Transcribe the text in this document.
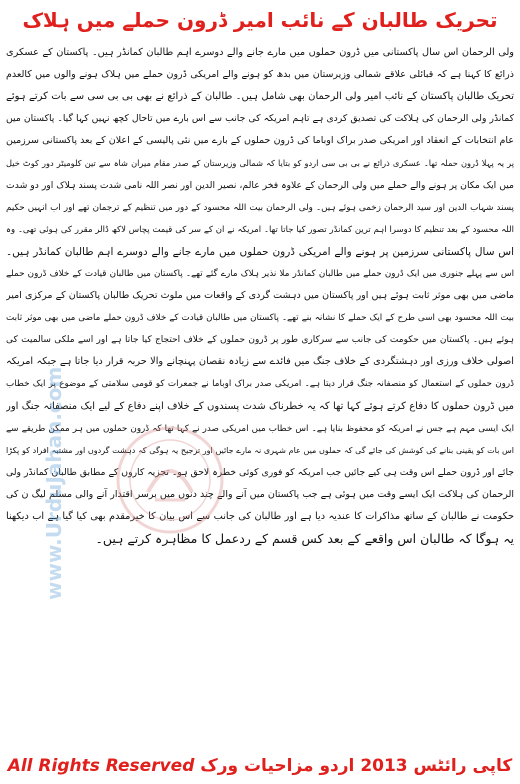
تحریک طالبان کے نائب امیر ڈرون حملے میں ہلاک
ولی الرحمان اس سال پاکستانی میں ڈرون حملوں میں مارے جانے والے دوسرے اہم طالبان کمانڈر ہیں۔ پاکستان کے عسکری
ذرائع کا کہنا ہے کہ قبائلی علاقے شمالی وزیرستان میں بدھ کو ہونے والے امریکی ڈرون حملے میں ہلاک ہونے والوں میں کالعدم
تحریک طالبان پاکستان کے نائب امیر ولی الرحمان بھی شامل ہیں۔ طالبان کے ذرائع نے بھی بی بی سی سے بات کرتے ہوئے
کمانڈر ولی الرحمان کی ہلاکت کی تصدیق کردی ہے تاہم امریکہ کی جانب سے اس بارے میں تاحال کچھ نہیں کہا گیا۔ پاکستان میں
عام انتخابات کے انعقاد اور امریکی صدر براک اوباما کی ڈرون حملوں کے بارے میں نئی پالیسی کے اعلان کے بعد پاکستانی سرزمین
پر یہ پہلا ڈرون حملہ تھا۔ عسکری ذرائع نے بی بی سی اردو کو بتایا کہ شمالی وزیرستان کے صدر مقام میران شاہ سے تین کلومیٹر دور کوٹ خیل
میں ایک مکان پر ہونے والے حملے میں ولی الرحمان کے علاوہ فخر عالم، نصیر الدین اور نصر اللہ نامی شدت پسند ہلاک اور دو شدت
پسند شہاب الدین اور سید الرحمان زخمی ہوئے ہیں۔ ولی الرحمان بیت اللہ محسود کے دور میں تنظیم کے ترجمان تھے اور اب انہیں حکیم
اللہ محسود کے بعد تنظیم کا دوسرا اہم ترین کمانڈر تصور کیا جاتا تھا۔ امریکہ نے ان کے سر کی قیمت پچاس لاکھ ڈالر مقرر کی ہوئی تھی۔ وہ
اس سال پاکستانی سرزمین پر ہونے والے امریکی ڈرون حملوں میں مارے جانے والے دوسرے اہم طالبان کمانڈر ہیں۔
اس سے پہلے جنوری میں ایک ڈرون حملے میں طالبان کمانڈر ملا نذیر ہلاک مارے گئے تھے۔ پاکستان میں طالبان قیادت کے خلاف ڈرون حملے
ماضی میں بھی موثر ثابت ہوئے ہیں اور پاکستان میں دہشت گردی کے واقعات میں ملوث تحریک طالبان پاکستان کے مرکزی امیر
بیت اللہ محسود بھی اسی طرح کے ایک حملے کا نشانہ بنے تھے۔ پاکستان میں طالبان قیادت کے خلاف ڈرون حملے ماضی میں بھی موثر ثابت
ہوئے ہیں۔ پاکستان میں حکومت کی جانب سے سرکاری طور پر ڈرون حملوں کے خلاف احتجاج کیا جاتا ہے اور اسے ملکی سالمیت کی
اصولی خلاف ورزی اور دہشتگردی کے خلاف جنگ میں فائدے سے زیادہ نقصان پہنچانے والا حربہ قرار دیا جاتا ہے جبکہ امریکہ
ڈرون حملوں کے استعمال کو منصفانہ جنگ قرار دیتا ہے۔ امریکی صدر براک اوباما نے جمعرات کو قومی سلامتی کے موضوع پر ایک خطاب
میں ڈرون حملوں کا دفاع کرتے ہوئے کہا تھا کہ یہ خطرناک شدت پسندوں کے خلاف اپنے دفاع کے لیے ایک منصفانہ جنگ اور
ایک ایسی مہم ہے جس نے امریکہ کو محفوظ بنایا ہے۔ اس خطاب میں امریکی صدر نے کہا تھا کہ ڈرون حملوں میں ہر ممکن طریقے سے
اس بات کو یقینی بنانے کی کوشش کی جائے گی کہ حملوں میں عام شہری نہ مارے جائیں اور ترجیح یہ ہوگی کہ دہشت گردوں اور مشتبہ افراد کو پکڑا
جائے اور ڈرون حملے اس وقت ہی کیے جائیں جب امریکہ کو فوری کوئی خطرہ لاحق ہو۔ تجزیہ کاروں کے مطابق طالبان کمانڈر ولی
الرحمان کی ہلاکت ایک ایسے وقت میں ہوئی ہے جب پاکستان میں آنے والے چند دنوں میں برسر اقتدار آنے والی مسلم لیگ ن کی
حکومت نے طالبان کے ساتھ مذاکرات کا عندیہ دیا ہے اور طالبان کی جانب سے اس بیان کا خیرمقدم بھی کیا گیا ہے اب دیکھنا
یہ ہوگا کہ طالبان اس واقعے کے بعد کس قسم کے ردعمل کا مظاہرہ کرتے ہیں۔
www.UrduJahan.com
کاپی رائٹس 2013 اردو مزاحیات ورک All Rights Reserved
